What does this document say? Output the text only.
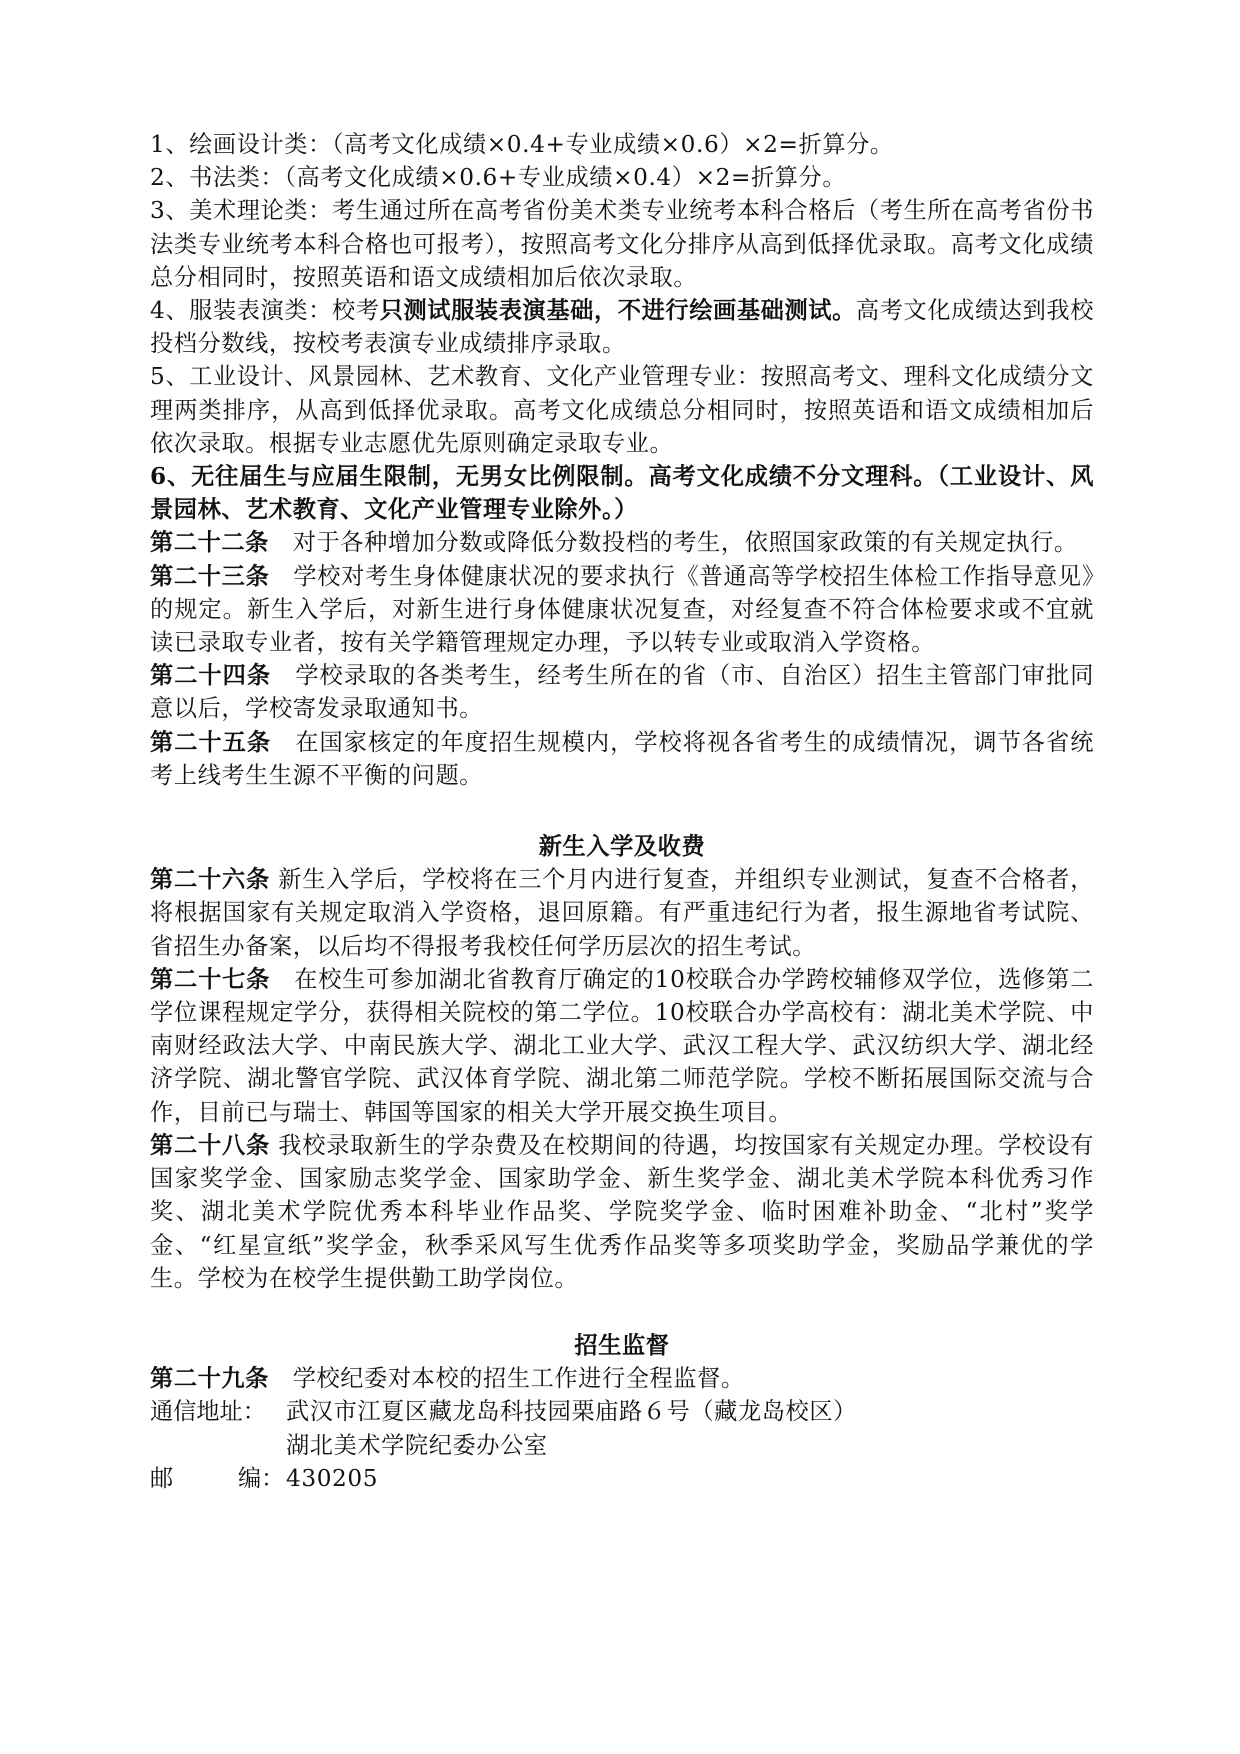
1、绘画设计类：（高考文化成绩×0.4+专业成绩×0.6）×2=折算分。

2、书法类：（高考文化成绩×0.6+专业成绩×0.4）×2=折算分。

3、美术理论类：考生通过所在高考省份美术类专业统考本科合格后（考生所在高考省份书法类专业统考本科合格也可报考），按照高考文化分排序从高到低择优录取。高考文化成绩总分相同时，按照英语和语文成绩相加后依次录取。

4、服装表演类：校考只测试服装表演基础，不进行绘画基础测试。高考文化成绩达到我校投档分数线，按校考表演专业成绩排序录取。

5、工业设计、风景园林、艺术教育、文化产业管理专业：按照高考文、理科文化成绩分文理两类排序，从高到低择优录取。高考文化成绩总分相同时，按照英语和语文成绩相加后依次录取。根据专业志愿优先原则确定录取专业。

6、无往届生与应届生限制，无男女比例限制。高考文化成绩不分文理科。（工业设计、风景园林、艺术教育、文化产业管理专业除外。）

第二十二条  对于各种增加分数或降低分数投档的考生，依照国家政策的有关规定执行。

第二十三条  学校对考生身体健康状况的要求执行《普通高等学校招生体检工作指导意见》的规定。新生入学后，对新生进行身体健康状况复查，对经复查不符合体检要求或不宜就读已录取专业者，按有关学籍管理规定办理，予以转专业或取消入学资格。

第二十四条  学校录取的各类考生，经考生所在的省（市、自治区）招生主管部门审批同意以后，学校寄发录取通知书。

第二十五条  在国家核定的年度招生规模内，学校将视各省考生的成绩情况，调节各省统考上线考生生源不平衡的问题。

新生入学及收费

第二十六条 新生入学后，学校将在三个月内进行复查，并组织专业测试，复查不合格者，将根据国家有关规定取消入学资格，退回原籍。有严重违纪行为者，报生源地省考试院、省招生办备案，以后均不得报考我校任何学历层次的招生考试。

第二十七条  在校生可参加湖北省教育厅确定的10校联合办学跨校辅修双学位，选修第二学位课程规定学分，获得相关院校的第二学位。10校联合办学高校有：湖北美术学院、中南财经政法大学、中南民族大学、湖北工业大学、武汉工程大学、武汉纺织大学、湖北经济学院、湖北警官学院、武汉体育学院、湖北第二师范学院。学校不断拓展国际交流与合作，目前已与瑞士、韩国等国家的相关大学开展交换生项目。

第二十八条 我校录取新生的学杂费及在校期间的待遇，均按国家有关规定办理。学校设有国家奖学金、国家励志奖学金、国家助学金、新生奖学金、湖北美术学院本科优秀习作奖、湖北美术学院优秀本科毕业作品奖、学院奖学金、临时困难补助金、“北村”奖学金、“红星宣纸”奖学金，秋季采风写生优秀作品奖等多项奖助学金，奖励品学兼优的学生。学校为在校学生提供勤工助学岗位。

招生监督

第二十九条  学校纪委对本校的招生工作进行全程监督。

通信地址： 武汉市江夏区藏龙岛科技园栗庙路６号（藏龙岛校区）

湖北美术学院纪委办公室

邮	编：430205
